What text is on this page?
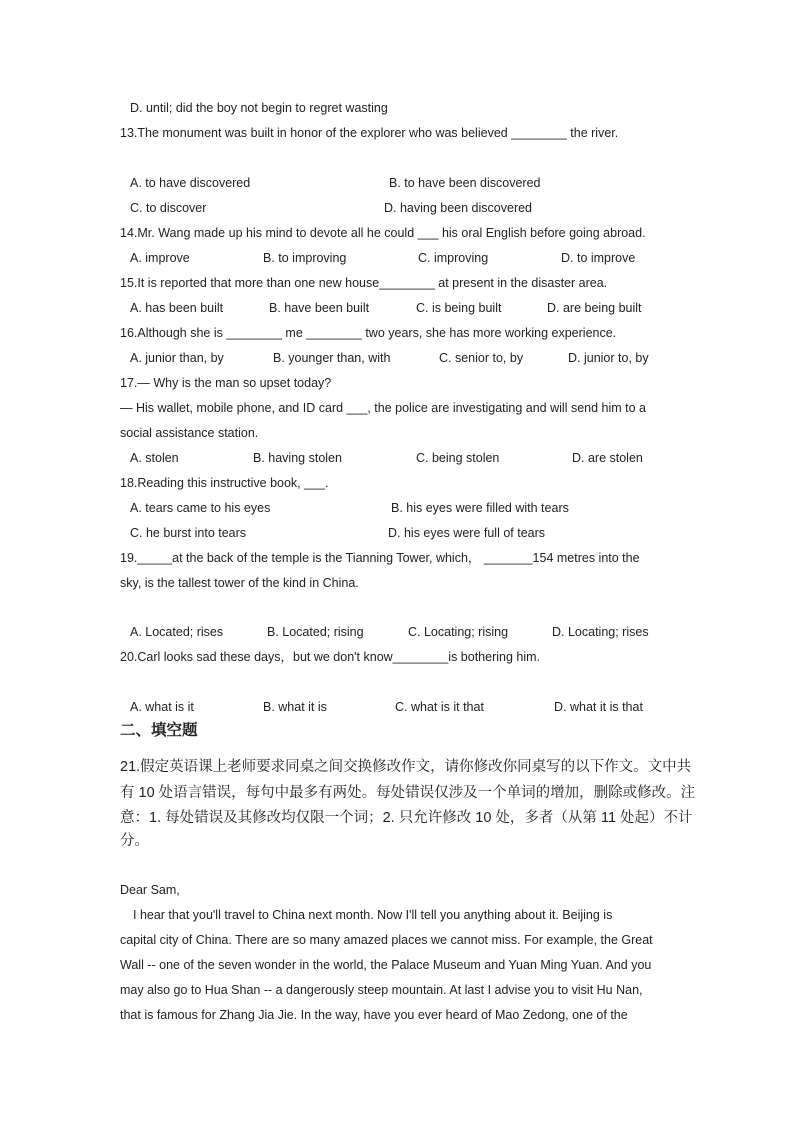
D. until; did the boy not begin to regret wasting
13.The monument was built in honor of the explorer who was believed ________ the river.
A. to have discovered	B. to have been discovered
C. to discover	D. having been discovered
14.Mr. Wang made up his mind to devote all he could ___ his oral English before going abroad.
A. improve	B. to improving	C. improving	D. to improve
15.It is reported that more than one new house________ at present in the disaster area.
A. has been built	B. have been built	C. is being built	D. are being built
16.Although she is ________ me ________ two years, she has more working experience.
A. junior than, by	B. younger than, with	C. senior to, by	D. junior to, by
17.— Why is the man so upset today?
— His wallet, mobile phone, and ID card ___, the police are investigating and will send him to a
social assistance station.
A. stolen	B. having stolen	C. being stolen	D. are stolen
18.Reading this instructive book, ___.
A. tears came to his eyes	B. his eyes were filled with tears
C. he burst into tears	D. his eyes were full of tears
19._____at the back of the temple is the Tianning Tower, which， _______154 metres into the
sky, is the tallest tower of the kind in China.
A. Located; rises	B. Located; rising	C. Locating; rising	D. Locating; rises
20.Carl looks sad these days，but we don't know________is bothering him.
A. what is it	B. what it is	C. what is it that	D. what it is that
二、填空题
21.假定英语课上老师要求同桌之间交换修改作文，请你修改你同桌写的以下作文。文中共
有 10 处语言错误，每句中最多有两处。每处错误仅涉及一个单词的增加，删除或修改。注
意：1. 每处错误及其修改均仅限一个词；2. 只允许修改 10 处，多者（从第 11 处起）不计
分。
Dear Sam,
I hear that you'll travel to China next month. Now I'll tell you anything about it. Beijing is
capital city of China. There are so many amazed places we cannot miss. For example, the Great
Wall -- one of the seven wonder in the world, the Palace Museum and Yuan Ming Yuan. And you
may also go to Hua Shan -- a dangerously steep mountain. At last I advise you to visit Hu Nan,
that is famous for Zhang Jia Jie. In the way, have you ever heard of Mao Zedong, one of the
